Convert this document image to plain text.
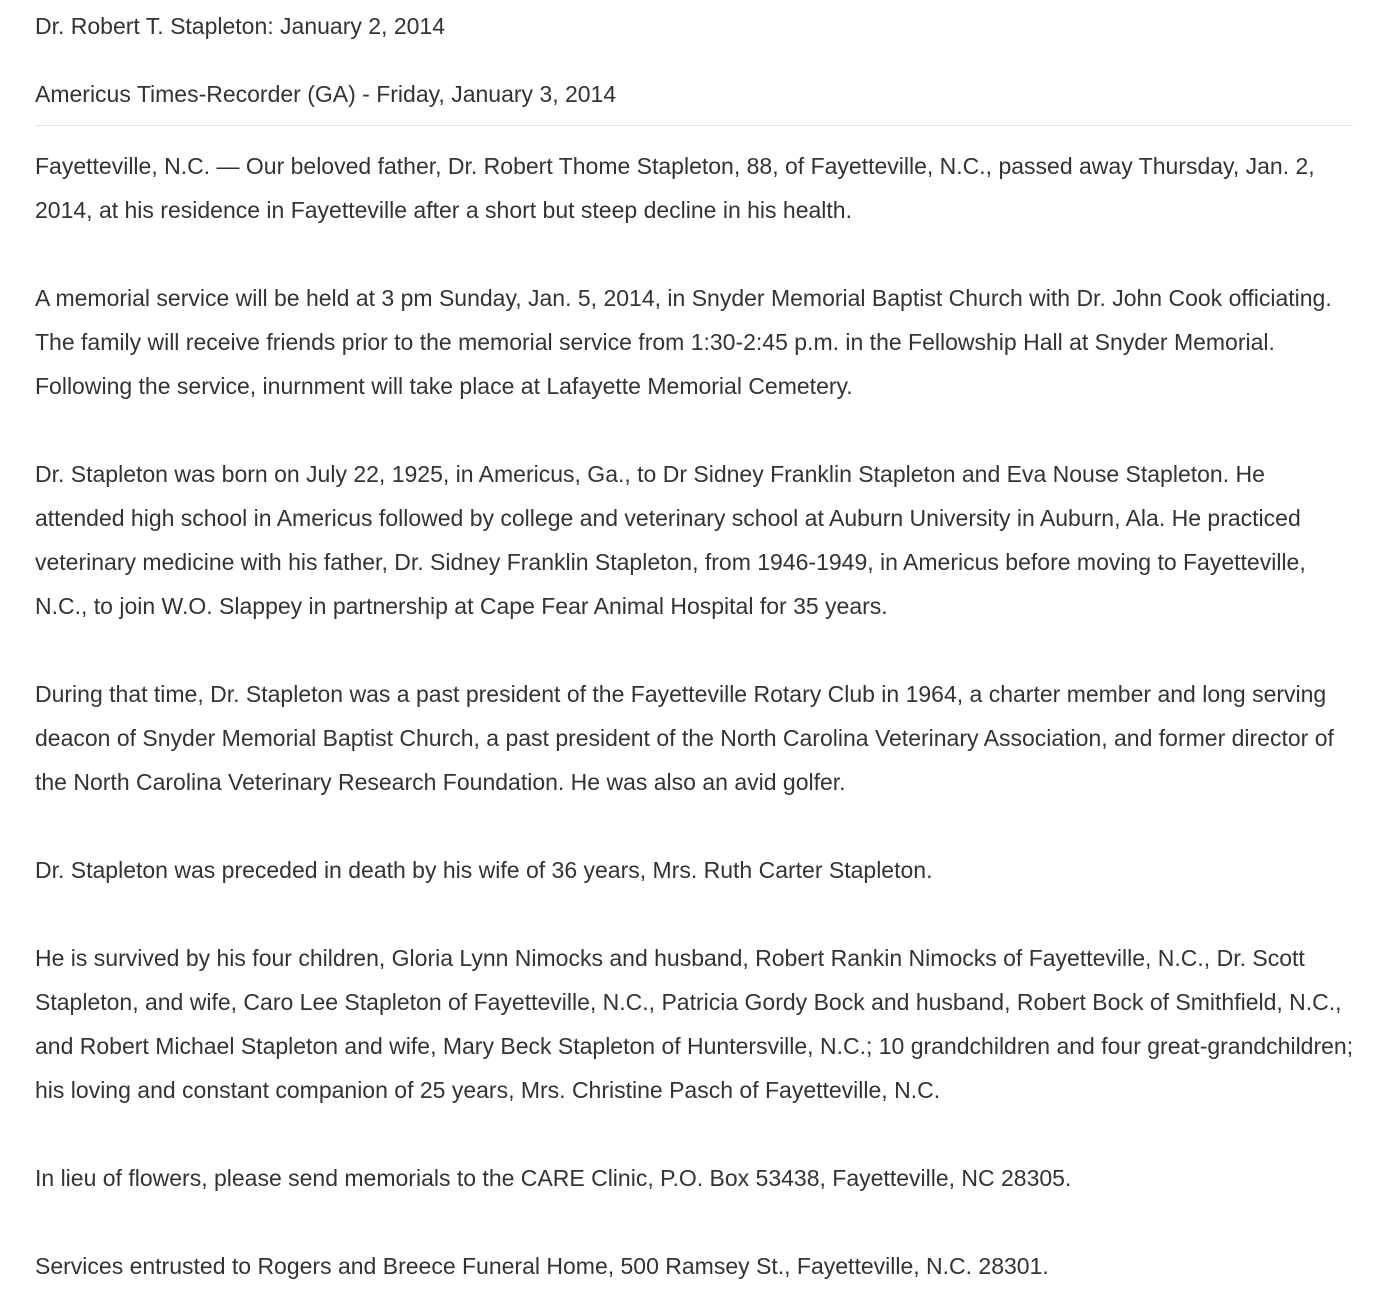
Dr. Robert T. Stapleton: January 2, 2014

Americus Times-Recorder (GA) - Friday, January 3, 2014

Fayetteville, N.C. — Our beloved father, Dr. Robert Thome Stapleton, 88, of Fayetteville, N.C., passed away Thursday, Jan. 2, 2014, at his residence in Fayetteville after a short but steep decline in his health.

A memorial service will be held at 3 pm Sunday, Jan. 5, 2014, in Snyder Memorial Baptist Church with Dr. John Cook officiating. The family will receive friends prior to the memorial service from 1:30-2:45 p.m. in the Fellowship Hall at Snyder Memorial. Following the service, inurnment will take place at Lafayette Memorial Cemetery.

Dr. Stapleton was born on July 22, 1925, in Americus, Ga., to Dr Sidney Franklin Stapleton and Eva Nouse Stapleton. He attended high school in Americus followed by college and veterinary school at Auburn University in Auburn, Ala. He practiced veterinary medicine with his father, Dr. Sidney Franklin Stapleton, from 1946-1949, in Americus before moving to Fayetteville, N.C., to join W.O. Slappey in partnership at Cape Fear Animal Hospital for 35 years.

During that time, Dr. Stapleton was a past president of the Fayetteville Rotary Club in 1964, a charter member and long serving deacon of Snyder Memorial Baptist Church, a past president of the North Carolina Veterinary Association, and former director of the North Carolina Veterinary Research Foundation. He was also an avid golfer.

Dr. Stapleton was preceded in death by his wife of 36 years, Mrs. Ruth Carter Stapleton.

He is survived by his four children, Gloria Lynn Nimocks and husband, Robert Rankin Nimocks of Fayetteville, N.C., Dr. Scott Stapleton, and wife, Caro Lee Stapleton of Fayetteville, N.C., Patricia Gordy Bock and husband, Robert Bock of Smithfield, N.C., and Robert Michael Stapleton and wife, Mary Beck Stapleton of Huntersville, N.C.; 10 grandchildren and four great-grandchildren; his loving and constant companion of 25 years, Mrs. Christine Pasch of Fayetteville, N.C.

In lieu of flowers, please send memorials to the CARE Clinic, P.O. Box 53438, Fayetteville, NC 28305.

Services entrusted to Rogers and Breece Funeral Home, 500 Ramsey St., Fayetteville, N.C. 28301.
